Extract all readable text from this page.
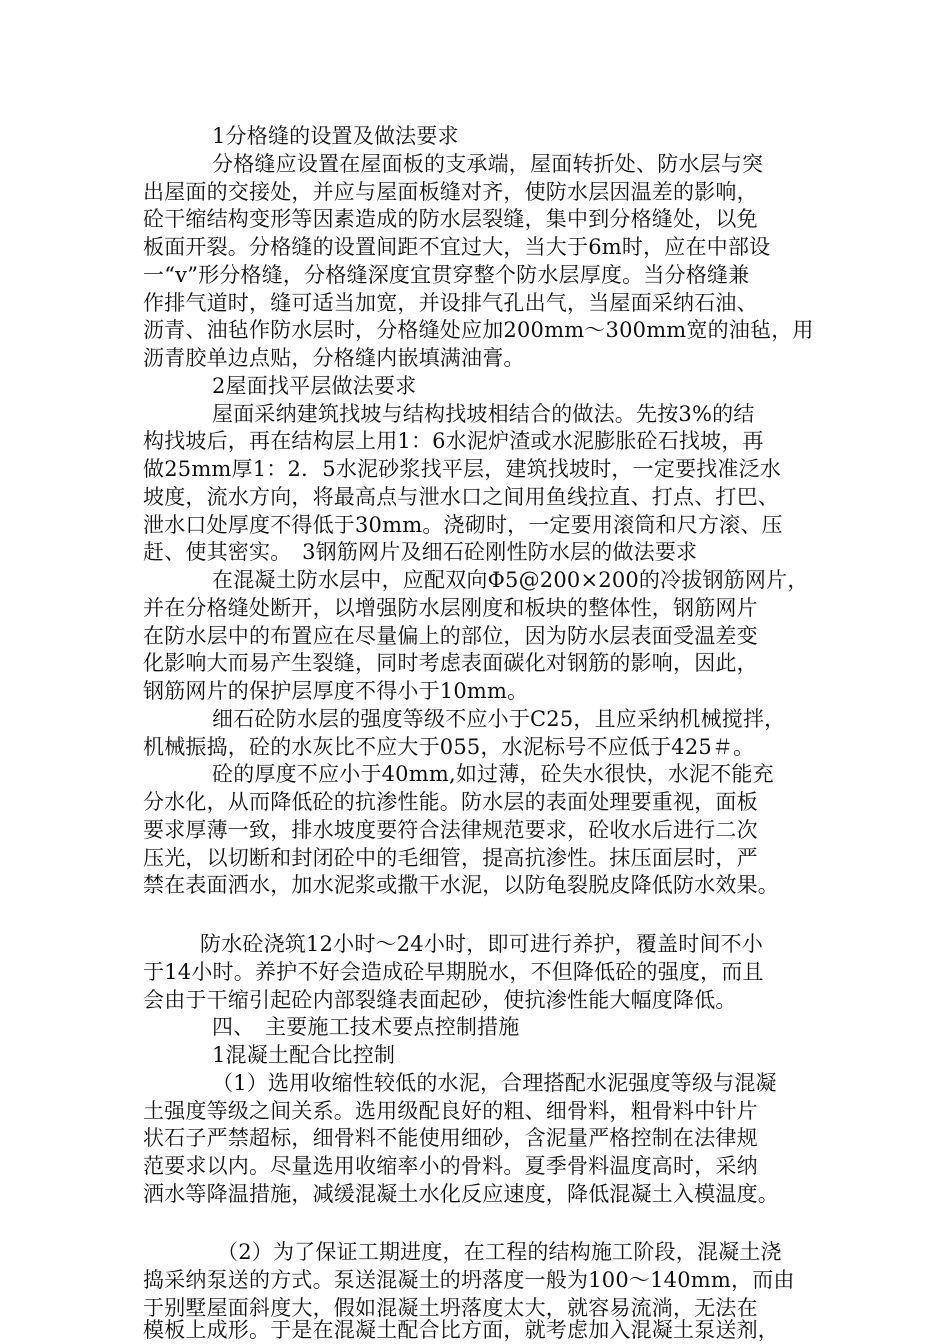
1分格缝的设置及做法要求
分格缝应设置在屋面板的支承端，屋面转折处、防水层与突
出屋面的交接处，并应与屋面板缝对齐，使防水层因温差的影响，
砼干缩结构变形等因素造成的防水层裂缝，集中到分格缝处，以免
板面开裂。分格缝的设置间距不宜过大，当大于6m时，应在中部设
一“v”形分格缝，分格缝深度宜贯穿整个防水层厚度。当分格缝兼
作排气道时，缝可适当加宽，并设排气孔出气，当屋面采纳石油、
沥青、油毡作防水层时，分格缝处应加200mm～300mm宽的油毡，用
沥青胶单边点贴，分格缝内嵌填满油膏。
2屋面找平层做法要求
屋面采纳建筑找坡与结构找坡相结合的做法。先按3%的结
构找坡后，再在结构层上用1：6水泥炉渣或水泥膨胀砼石找坡，再
做25mm厚1：2．5水泥砂浆找平层，建筑找坡时，一定要找准泛水
坡度，流水方向，将最高点与泄水口之间用鱼线拉直、打点、打巴、
泄水口处厚度不得低于30mm。浇砌时，一定要用滚筒和尺方滚、压
赶、使其密实。　3钢筋网片及细石砼刚性防水层的做法要求
在混凝土防水层中，应配双向Φ5@200×200的冷拔钢筋网片，
并在分格缝处断开，以增强防水层刚度和板块的整体性，钢筋网片
在防水层中的布置应在尽量偏上的部位，因为防水层表面受温差变
化影响大而易产生裂缝，同时考虑表面碳化对钢筋的影响，因此，
钢筋网片的保护层厚度不得小于10mm。
细石砼防水层的强度等级不应小于C25，且应采纳机械搅拌，
机械振捣，砼的水灰比不应大于055，水泥标号不应低于425＃。
砼的厚度不应小于40mm,如过薄，砼失水很快，水泥不能充
分水化，从而降低砼的抗渗性能。防水层的表面处理要重视，面板
要求厚薄一致，排水坡度要符合法律规范要求，砼收水后进行二次
压光，以切断和封闭砼中的毛细管，提高抗渗性。抹压面层时，严
禁在表面洒水，加水泥浆或撒干水泥，以防龟裂脱皮降低防水效果。
防水砼浇筑12小时～24小时，即可进行养护，覆盖时间不小
于14小时。养护不好会造成砼早期脱水，不但降低砼的强度，而且
会由于干缩引起砼内部裂缝表面起砂，使抗渗性能大幅度降低。
四、　主要施工技术要点控制措施
1混凝土配合比控制
（1）选用收缩性较低的水泥，合理搭配水泥强度等级与混凝
土强度等级之间关系。选用级配良好的粗、细骨料，粗骨料中针片
状石子严禁超标，细骨料不能使用细砂，含泥量严格控制在法律规
范要求以内。尽量选用收缩率小的骨料。夏季骨料温度高时，采纳
洒水等降温措施，减缓混凝土水化反应速度，降低混凝土入模温度。
（2）为了保证工期进度，在工程的结构施工阶段，混凝土浇
捣采纳泵送的方式。泵送混凝土的坍落度一般为100～140mm，而由
于别墅屋面斜度大，假如混凝土坍落度太大，就容易流淌，无法在
模板上成形。于是在混凝土配合比方面，就考虑加入混凝土泵送剂，
